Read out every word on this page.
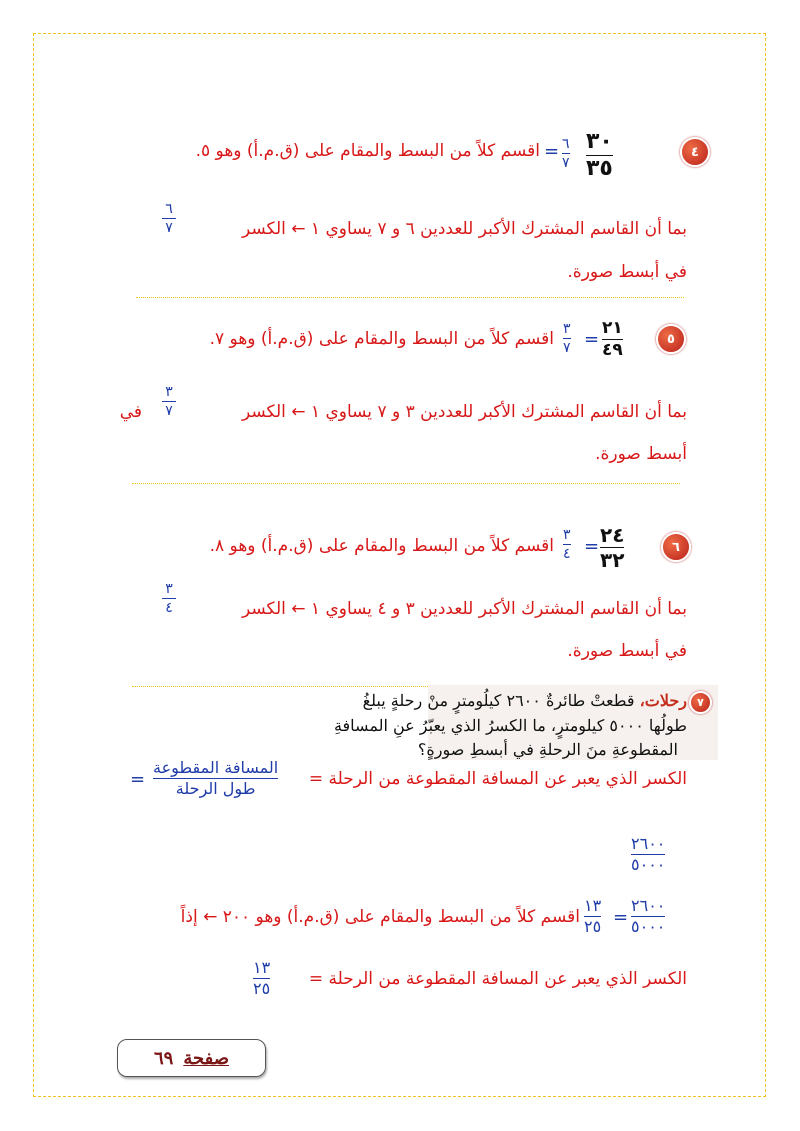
٤
٣٠
٣٥
= ٦
٧
اقسم كلاً من البسط والمقام على (ق.م.أ) وهو ٥.
بما أن القاسم المشترك الأكبر للعددين ٦ و ٧ يساوي ١ ← الكسر
٦
٧
في أبسط صورة.
٥
٢١
٤٩
=
٣
٧
اقسم كلاً من البسط والمقام على (ق.م.أ) وهو ٧.
بما أن القاسم المشترك الأكبر للعددين ٣ و ٧ يساوي ١ ← الكسر
٣
٧
في
أبسط صورة.
٦
٢٤
٣٢
=
٣
٤
اقسم كلاً من البسط والمقام على (ق.م.أ) وهو ٨.
بما أن القاسم المشترك الأكبر للعددين ٣ و ٤ يساوي ١ ← الكسر
٣
٤
في أبسط صورة.
٧
رحلات، قطعتْ طائرةٌ ٢٦٠٠ كيلُومترٍ منْ رحلةٍ يبلغُ
طولُها ٥٠٠٠ كيلومترٍ، ما الكسرُ الذي يعبّرُ عنِ المسافةِ
المقطوعةِ منَ الرحلةِ في أبسطِ صورةٍ؟
الكسر الذي يعبر عن المسافة المقطوعة من الرحلة =
المسافة المقطوعة
طول الرحلة
=
٢٦٠٠
٥٠٠٠
٢٦٠٠
٥٠٠٠
=
١٣
٢٥
اقسم كلاً من البسط والمقام على (ق.م.أ) وهو ٢٠٠ ← إذاً
الكسر الذي يعبر عن المسافة المقطوعة من الرحلة =
١٣
٢٥
صفحة
٦٩
